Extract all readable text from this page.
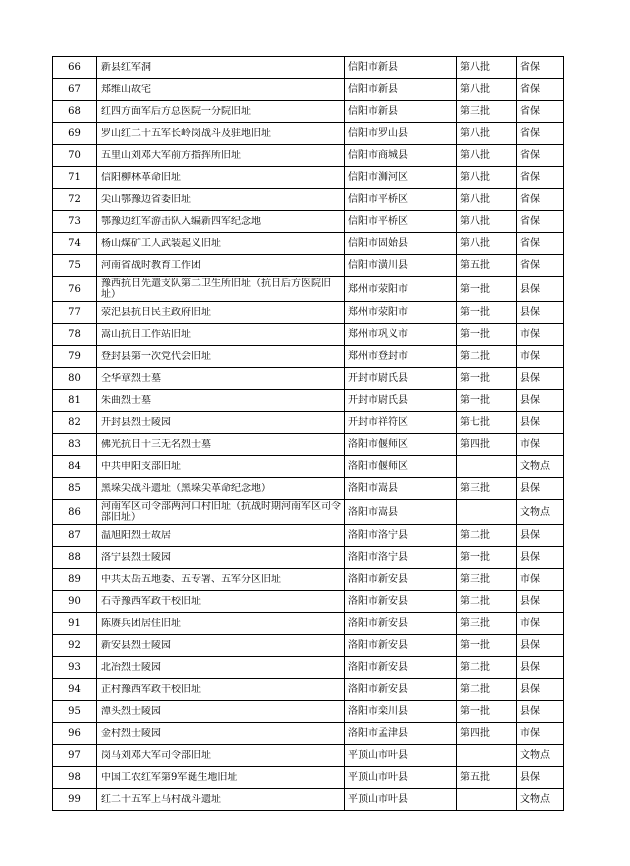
66	新县红军洞	信阳市新县	第八批	省保
67	郑维山故宅	信阳市新县	第八批	省保
68	红四方面军后方总医院一分院旧址	信阳市新县	第三批	省保
69	罗山红二十五军长岭岗战斗及驻地旧址	信阳市罗山县	第八批	省保
70	五里山刘邓大军前方指挥所旧址	信阳市商城县	第八批	省保
71	信阳柳林革命旧址	信阳市浉河区	第八批	省保
72	尖山鄂豫边省委旧址	信阳市平桥区	第八批	省保
73	鄂豫边红军游击队入编新四军纪念地	信阳市平桥区	第八批	省保
74	杨山煤矿工人武装起义旧址	信阳市固始县	第八批	省保
75	河南省战时教育工作团	信阳市潢川县	第五批	省保
76	豫西抗日先遣支队第二卫生所旧址（抗日后方医院旧址）	郑州市荥阳市	第一批	县保
77	荥汜县抗日民主政府旧址	郑州市荥阳市	第一批	县保
78	嵩山抗日工作站旧址	郑州市巩义市	第一批	市保
79	登封县第一次党代会旧址	郑州市登封市	第二批	市保
80	仝华章烈士墓	开封市尉氏县	第一批	县保
81	朱曲烈士墓	开封市尉氏县	第一批	县保
82	开封县烈士陵园	开封市祥符区	第七批	县保
83	佛光抗日十三无名烈士墓	洛阳市偃师区	第四批	市保
84	中共申阳支部旧址	洛阳市偃师区		文物点
85	黑垛尖战斗遗址（黑垛尖革命纪念地）	洛阳市嵩县	第三批	县保
86	河南军区司令部两河口村旧址（抗战时期河南军区司令部旧址）	洛阳市嵩县		文物点
87	温旭阳烈士故居	洛阳市洛宁县	第二批	县保
88	洛宁县烈士陵园	洛阳市洛宁县	第一批	县保
89	中共太岳五地委、五专署、五军分区旧址	洛阳市新安县	第三批	市保
90	石寺豫西军政干校旧址	洛阳市新安县	第二批	县保
91	陈赓兵团居住旧址	洛阳市新安县	第三批	市保
92	新安县烈士陵园	洛阳市新安县	第一批	县保
93	北冶烈士陵园	洛阳市新安县	第二批	县保
94	正村豫西军政干校旧址	洛阳市新安县	第二批	县保
95	潭头烈士陵园	洛阳市栾川县	第一批	县保
96	金村烈士陵园	洛阳市孟津县	第四批	市保
97	岗马刘邓大军司令部旧址	平顶山市叶县		文物点
98	中国工农红军第9军诞生地旧址	平顶山市叶县	第五批	县保
99	红二十五军上马村战斗遗址	平顶山市叶县		文物点
